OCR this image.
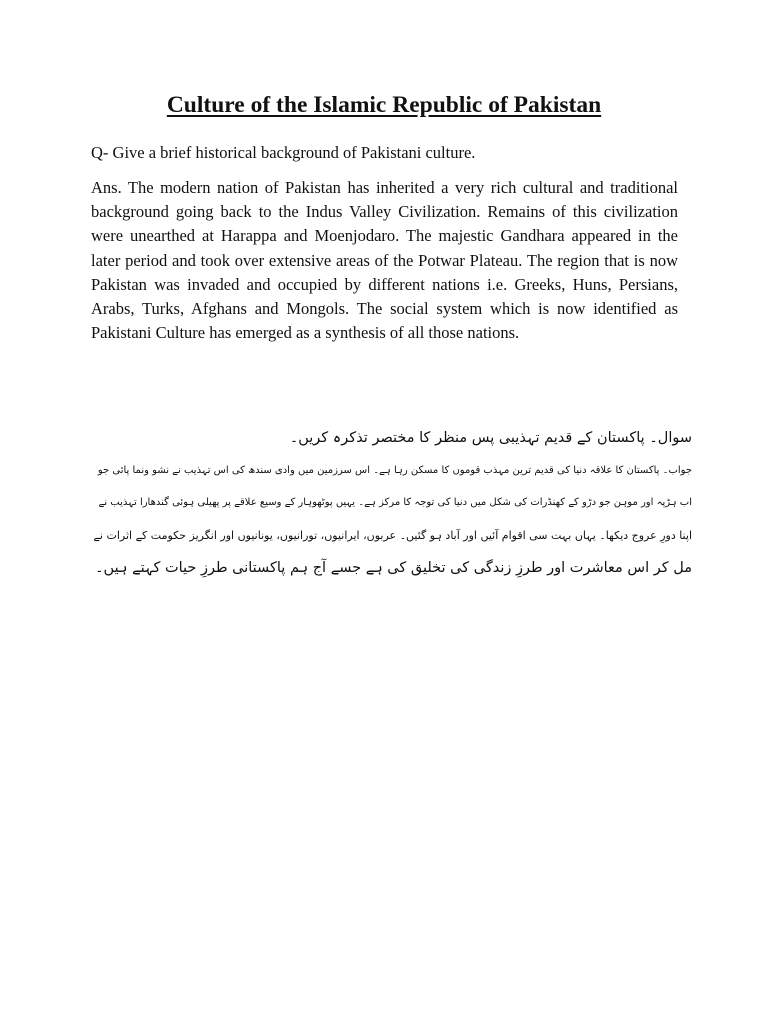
Culture of the Islamic Republic of Pakistan
Q- Give a brief historical background of Pakistani culture.
Ans. The modern nation of Pakistan has inherited a very rich cultural and traditional background going back to the Indus Valley Civilization. Remains of this civilization were unearthed at Harappa and Moenjodaro. The majestic Gandhara appeared in the later period and took over extensive areas of the Potwar Plateau. The region that is now Pakistan was invaded and occupied by different nations i.e. Greeks, Huns, Persians, Arabs, Turks, Afghans and Mongols. The social system which is now identified as Pakistani Culture has emerged as a synthesis of all those nations.
سوال۔ پاکستان کے قدیم تہذیبی پس منظر کا مختصر تذکرہ کریں۔
جواب۔ پاکستان کا علاقہ دنیا کی قدیم ترین مہذب قوموں کا مسکن رہا ہے۔ اس سرزمین میں وادی سندھ کی اس تہذیب نے نشو ونما پائی جو
اب ہڑپہ اور موہن جو دڑو کے کھنڈرات کی شکل میں دنیا کی توجہ کا مرکز ہے۔ یہیں پوٹھوہار کے وسیع علاقے پر پھیلی ہوئی گندھارا تہذیب نے
اپنا دورِ عروج دیکھا۔ یہاں بہت سی اقوام آئیں اور آباد ہو گئیں۔ عربوں، ایرانیوں، تورانیوں، یونانیوں اور انگریز حکومت کے اثرات نے
مل کر اس معاشرت اور طرزِ زندگی کی تخلیق کی ہے جسے آج ہم پاکستانی طرزِ حیات کہتے ہیں۔
